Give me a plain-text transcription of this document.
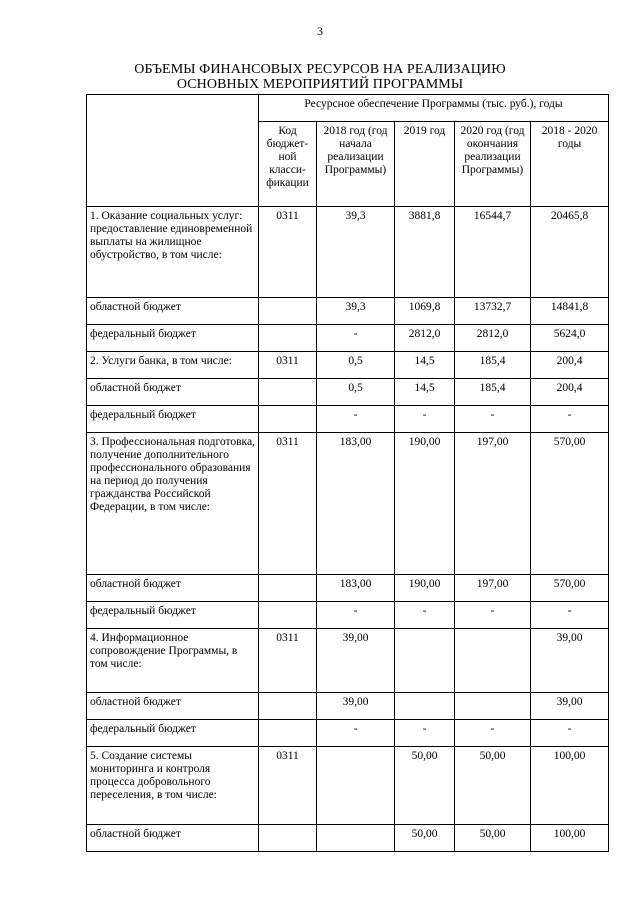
3
ОБЪЕМЫ ФИНАНСОВЫХ РЕСУРСОВ НА РЕАЛИЗАЦИЮ
ОСНОВНЫХ МЕРОПРИЯТИЙ ПРОГРАММЫ
	Ресурсное обеспечение Программы (тыс. руб.), годы				
	Код бюджет-ной класси-фикации	2018 год (год начала реализации Программы)	2019 год	2020 год (год окончания реализации Программы)	2018 - 2020 годы
1. Оказание социальных услуг: предоставление единовременной выплаты на жилищное обустройство, в том числе:	0311	39,3	3881,8	16544,7	20465,8
областной бюджет		39,3	1069,8	13732,7	14841,8
федеральный бюджет		-	2812,0	2812,0	5624,0
2. Услуги банка, в том числе:	0311	0,5	14,5	185,4	200,4
областной бюджет		0,5	14,5	185,4	200,4
федеральный бюджет		-	-	-	-
3. Профессиональная подготовка, получение дополнительного профессионального образования на период до получения гражданства Российской Федерации, в том числе:	0311	183,00	190,00	197,00	570,00
областной бюджет		183,00	190,00	197,00	570,00
федеральный бюджет		-	-	-	-
4. Информационное сопровождение Программы, в том числе:	0311	39,00			39,00
областной бюджет		39,00			39,00
федеральный бюджет		-	-	-	-
5. Создание системы мониторинга и контроля процесса добровольного переселения, в том числе:	0311		50,00	50,00	100,00
областной бюджет			50,00	50,00	100,00
